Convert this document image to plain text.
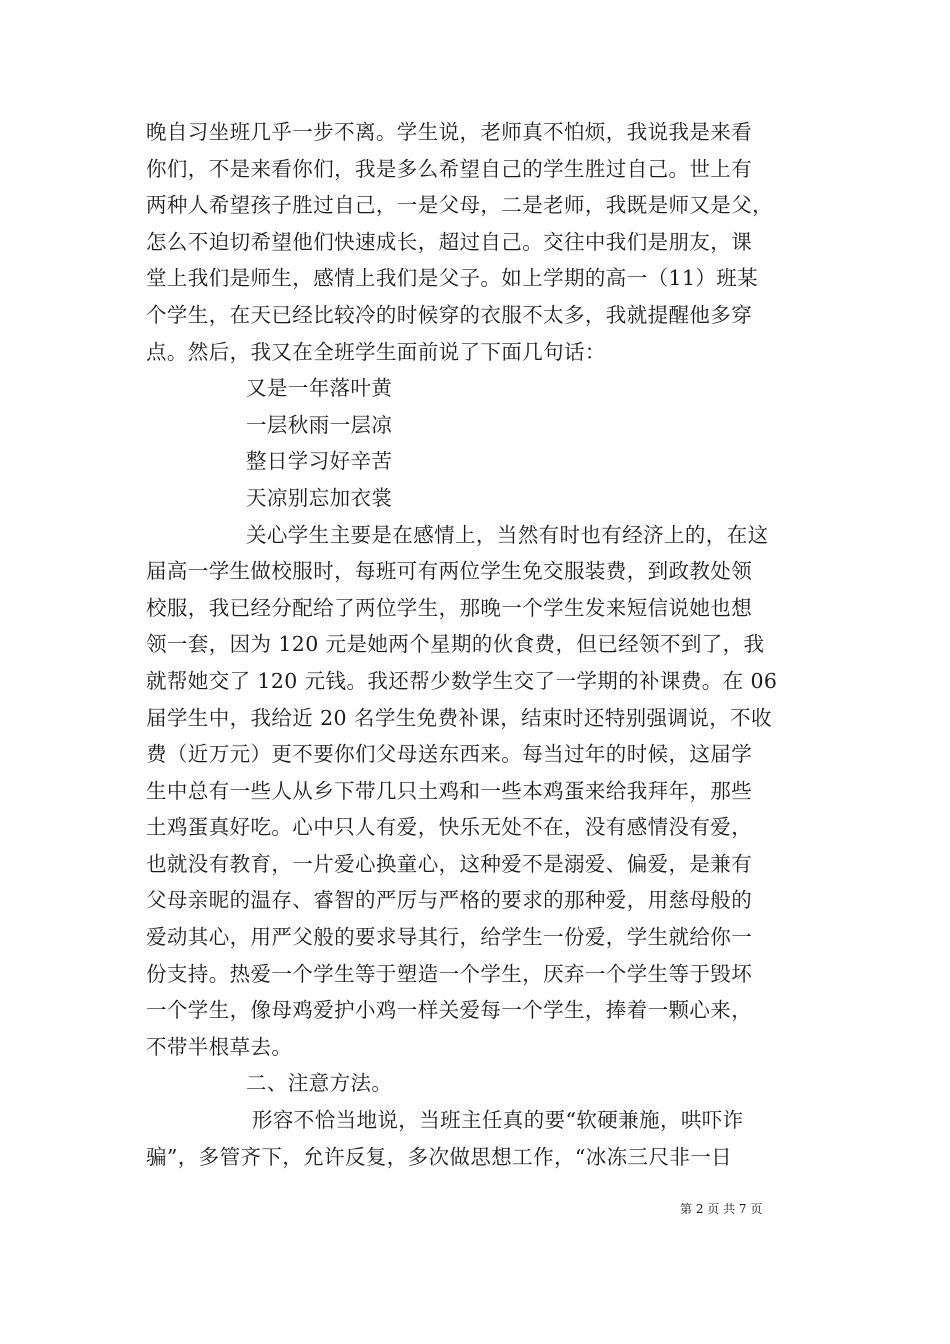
晚自习坐班几乎一步不离。学生说，老师真不怕烦，我说我是来看
你们，不是来看你们，我是多么希望自己的学生胜过自己。世上有
两种人希望孩子胜过自己，一是父母，二是老师，我既是师又是父，
怎么不迫切希望他们快速成长，超过自己。交往中我们是朋友，课
堂上我们是师生，感情上我们是父子。如上学期的高一（11）班某
个学生，在天已经比较冷的时候穿的衣服不太多，我就提醒他多穿
点。然后，我又在全班学生面前说了下面几句话：
又是一年落叶黄
一层秋雨一层凉
整日学习好辛苦
天凉别忘加衣裳
关心学生主要是在感情上，当然有时也有经济上的，在这
届高一学生做校服时，每班可有两位学生免交服装费，到政教处领
校服，我已经分配给了两位学生，那晚一个学生发来短信说她也想
领一套，因为 120 元是她两个星期的伙食费，但已经领不到了，我
就帮她交了 120 元钱。我还帮少数学生交了一学期的补课费。在 06
届学生中，我给近 20 名学生免费补课，结束时还特别强调说，不收
费（近万元）更不要你们父母送东西来。每当过年的时候，这届学
生中总有一些人从乡下带几只土鸡和一些本鸡蛋来给我拜年，那些
土鸡蛋真好吃。心中只人有爱，快乐无处不在，没有感情没有爱，
也就没有教育，一片爱心换童心，这种爱不是溺爱、偏爱，是兼有
父母亲昵的温存、睿智的严厉与严格的要求的那种爱，用慈母般的
爱动其心，用严父般的要求导其行，给学生一份爱，学生就给你一
份支持。热爱一个学生等于塑造一个学生，厌弃一个学生等于毁坏
一个学生，像母鸡爱护小鸡一样关爱每一个学生，捧着一颗心来，
不带半根草去。
二、注意方法。
形容不恰当地说，当班主任真的要“软硬兼施，哄吓诈
骗”，多管齐下，允许反复，多次做思想工作，“冰冻三尺非一日
第 2 页 共 7 页
